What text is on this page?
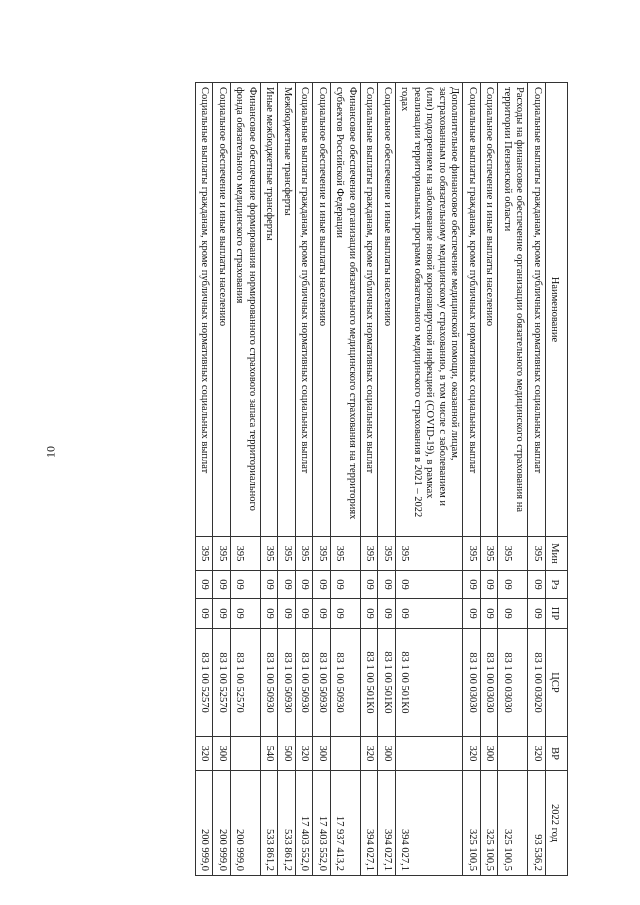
10
Наименование	Мин	Рз	ПР	ЦСР	ВР	2022 год
Социальные выплаты гражданам, кроме публичных нормативных социальных выплат	395	09	09	83 1 00 03020	320	93 536,2
Расходы на финансовое обеспечение организации обязательного медицинского страхования на территории Пензенской области	395	09	09	83 1 00 03030		325 100,5
Социальное обеспечение и иные выплаты населению	395	09	09	83 1 00 03030	300	325 100,5
Социальные выплаты гражданам, кроме публичных нормативных социальных выплат	395	09	09	83 1 00 03030	320	325 100,5
Дополнительное финансовое обеспечение медицинской помощи, оказанной лицам, застрахованным по обязательному медицинскому страхованию, в том числе с заболеванием и (или) подозрением на заболевание новой коронавирусной инфекцией (COVID-19), в рамках реализации территориальных программ обязательного медицинского страхования в 2021 – 2022 годах	395	09	09	83 1 00 501К0		394 027,1
Социальное обеспечение и иные выплаты населению	395	09	09	83 1 00 501К0	300	394 027,1
Социальные выплаты гражданам, кроме публичных нормативных социальных выплат	395	09	09	83 1 00 501К0	320	394 027,1
Финансовое обеспечение организации обязательного медицинского страхования на территориях субъектов Российской Федерации	395	09	09	83 1 00 50930		17 937 413,2
Социальное обеспечение и иные выплаты населению	395	09	09	83 1 00 50930	300	17 403 552,0
Социальные выплаты гражданам, кроме публичных нормативных социальных выплат	395	09	09	83 1 00 50930	320	17 403 552,0
Межбюджетные трансферты	395	09	09	83 1 00 50930	500	533 861,2
Иные межбюджетные трансферты	395	09	09	83 1 00 50930	540	533 861,2
Финансовое обеспечение формирования нормированного страхового запаса территориального фонда обязательного медицинского страхования	395	09	09	83 1 00 52570		200 999,0
Социальное обеспечение и иные выплаты населению	395	09	09	83 1 00 52570	300	200 999,0
Социальные выплаты гражданам, кроме публичных нормативных социальных выплат	395	09	09	83 1 00 52570	320	200 999,0
